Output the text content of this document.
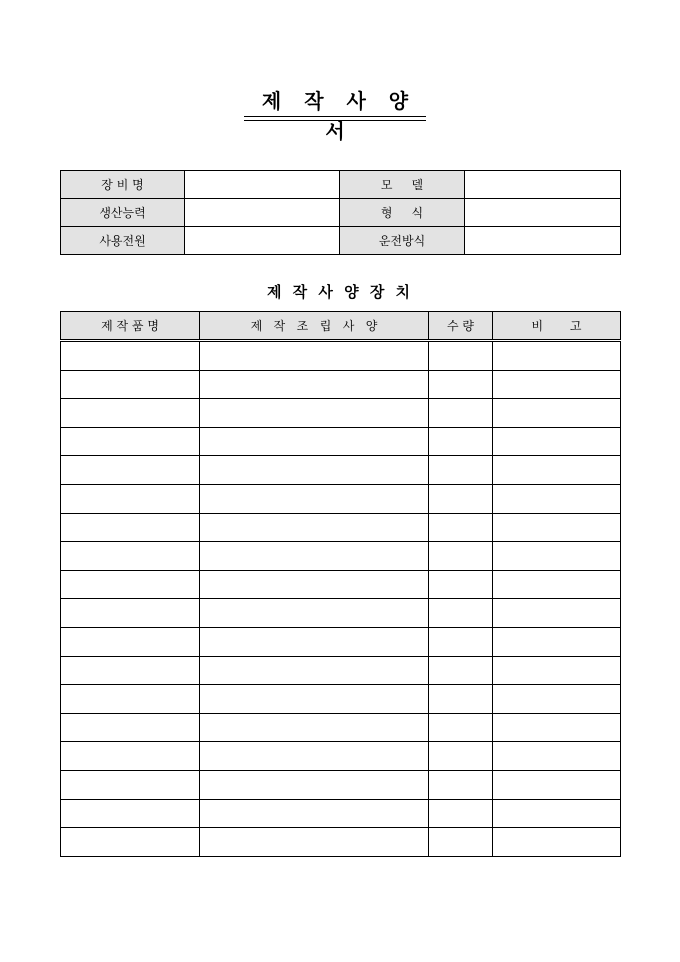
제 작 사 양 서
장 비 명		모     델	
생산능력		형     식	
사용전원		운전방식	
제 작 사 양 장 치
제 작 품 명	제   작   조   립   사   양	수 량	비       고
